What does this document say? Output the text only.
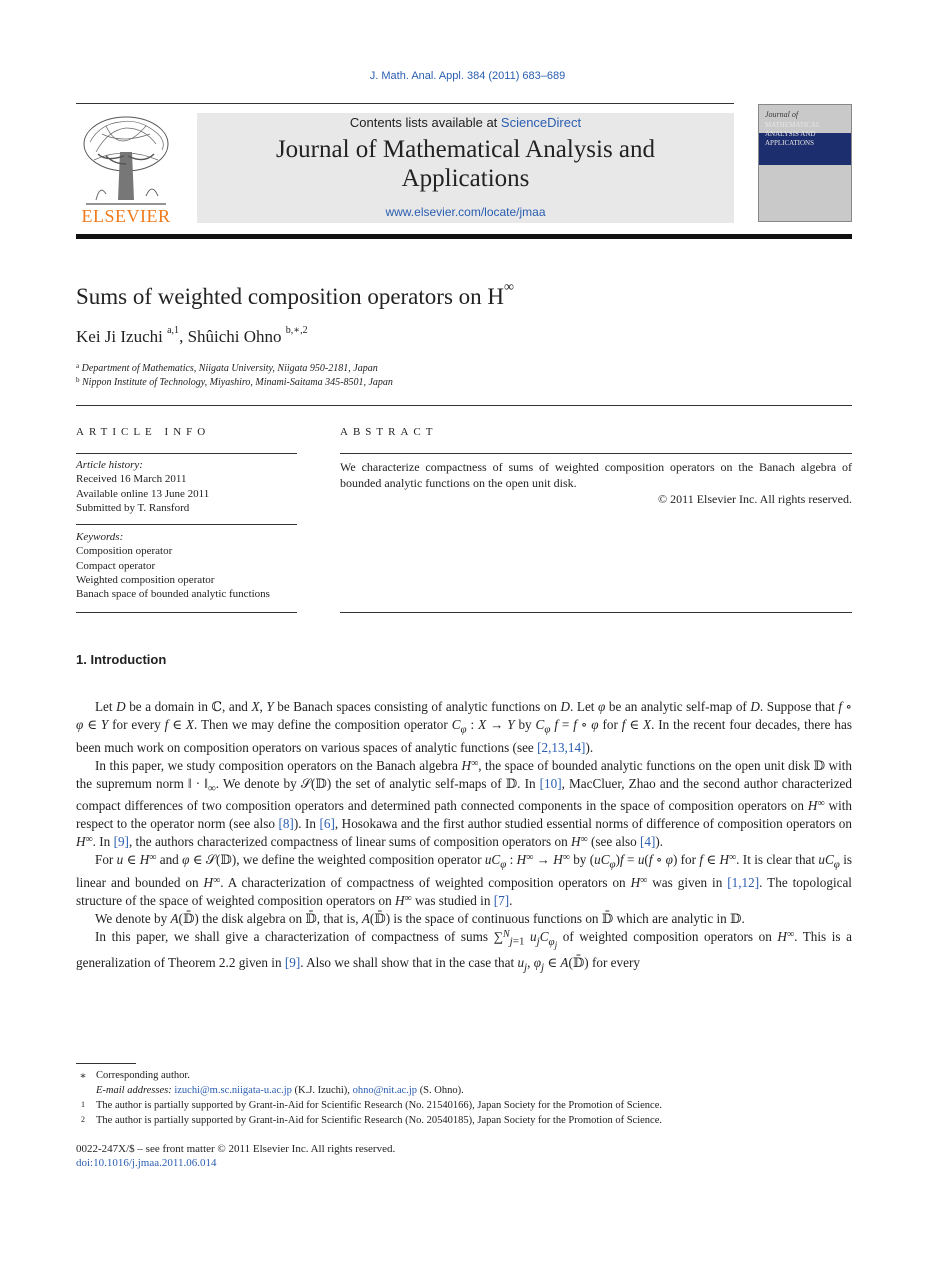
J. Math. Anal. Appl. 384 (2011) 683–689
ELSEVIER
Contents lists available at ScienceDirect
Journal of Mathematical Analysis and
Applications
www.elsevier.com/locate/jmaa
Journal of
MATHEMATICAL ANALYSIS AND APPLICATIONS
Sums of weighted composition operators on H∞
Kei Ji Izuchi $^{a,1}$, Shûichi Ohno $^{b,∗,2}$
$^a$ Department of Mathematics, Niigata University, Niigata 950-2181, Japan
$^b$ Nippon Institute of Technology, Miyashiro, Minami-Saitama 345-8501, Japan
ARTICLE INFO	ABSTRACT
Article history:
Received 16 March 2011
Available online 13 June 2011
Submitted by T. Ransford
Keywords:
Composition operator
Compact operator
Weighted composition operator
Banach space of bounded analytic functions
We characterize compactness of sums of weighted composition operators on the Banach algebra of bounded analytic functions on the open unit disk.
© 2011 Elsevier Inc. All rights reserved.
1. Introduction

Let D be a domain in ℂ, and X, Y be Banach spaces consisting of analytic functions on D. Let φ be an analytic self-map of D. Suppose that f ∘ φ ∈ Y for every f ∈ X. Then we may define the composition operator $C_\varphi$ : X → Y by $C_\varphi$ f = f ∘ φ for f ∈ X. In the recent four decades, there has been much work on composition operators on various spaces of analytic functions (see [2,13,14]).

In this paper, we study composition operators on the Banach algebra H∞, the space of bounded analytic functions on the open unit disk 𝔻 with the supremum norm ‖ · $‖_\infty$. We denote by 𝒮(𝔻) the set of analytic self-maps of 𝔻. In [10], MacCluer, Zhao and the second author characterized compact differences of two composition operators and determined path connected components in the space of composition operators on H∞ with respect to the operator norm (see also [8]). In [6], Hosokawa and the first author studied essential norms of difference of composition operators on H∞. In [9], the authors characterized compactness of linear sums of composition operators on H∞ (see also [4]).

For u ∈ H∞ and φ ∈ 𝒮(𝔻), we define the weighted composition operator $uC_\varphi$ : H∞ → H∞ by $(uC_\varphi)f = u(f$ ∘ φ) for f ∈ H∞. It is clear that $uC_\varphi$ is linear and bounded on H∞. A characterization of compactness of weighted composition operators on H∞ was given in [1,12]. The topological structure of the space of weighted composition operators on H∞ was studied in [7].

We denote by A(𝔻̄) the disk algebra on 𝔻̄, that is, A(𝔻̄) is the space of continuous functions on 𝔻̄ which are analytic in 𝔻.

In this paper, we shall give a characterization of compactness of sums ∑$^N_{j=1}$ $u_jC_{\varphi_j}$ of weighted composition operators on H∞. This is a generalization of Theorem 2.2 given in [9]. Also we shall show that in the case that $u_j$, $\varphi_j$ ∈ A(𝔻̄) for every

∗ Corresponding author.
E-mail addresses: izuchi@m.sc.niigata-u.ac.jp (K.J. Izuchi), ohno@nit.ac.jp (S. Ohno).
1	The author is partially supported by Grant-in-Aid for Scientific Research (No. 21540166), Japan Society for the Promotion of Science.
2	The author is partially supported by Grant-in-Aid for Scientific Research (No. 20540185), Japan Society for the Promotion of Science.
0022-247X/$ – see front matter © 2011 Elsevier Inc. All rights reserved.
doi:10.1016/j.jmaa.2011.06.014
